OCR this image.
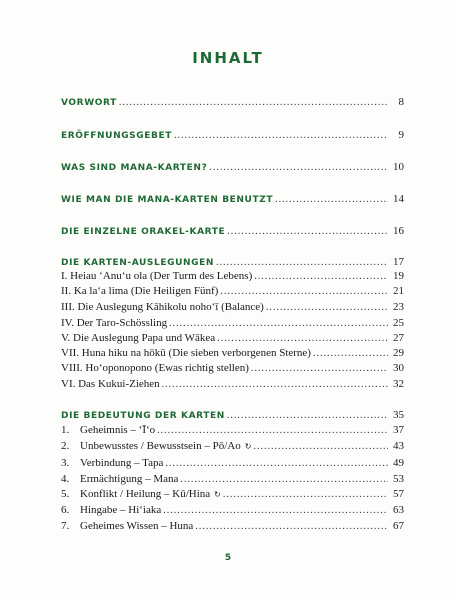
INHALT
VORWORT .....	8
ERÖFFNUNGSGEBET .....	9
WAS SIND MANA-KARTEN? .....	10
WIE MAN DIE MANA-KARTEN BENUTZT .....	14
DIE EINZELNE ORAKEL-KARTE .....	16
DIE KARTEN-AUSLEGUNGEN .....	17
I. Heiau ‘Anu‘u ola (Der Turm des Lebens) .....	19
II. Ka la‘a lima (Die Heiligen Fünf) .....	21
III. Die Auslegung Kāhikolu noho‘ī (Balance) .....	23
IV. Der Taro-Schössling .....	25
V. Die Auslegung Papa und Wākea .....	27
VII. Huna hiku na hōkū (Die sieben verborgenen Sterne) .....	29
VIII. Ho‘oponopono (Ewas richtig stellen) .....	30
VI. Das Kukui-Ziehen .....	32
DIE BEDEUTUNG DER KARTEN .....	35
1. Geheimnis – ‘Ī‘o .....	37
2. Unbewusstes / Bewusstsein – Pō/Ao ↻ .....	43
3. Verbindung – Tapa .....	49
4. Ermächtigung – Mana .....	53
5. Konflikt / Heilung – Kū/Hina ↻ .....	57
6. Hingabe – Hi‘iaka .....	63
7. Geheimes Wissen – Huna .....	67
5
